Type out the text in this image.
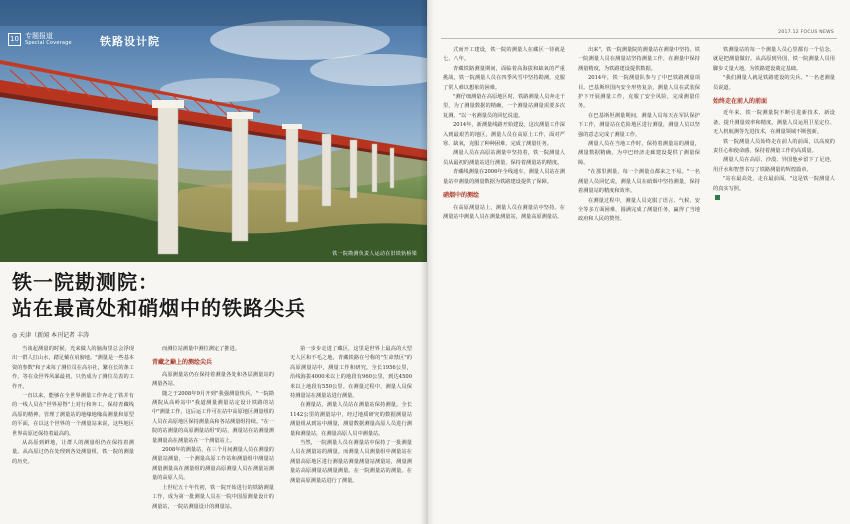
10 专题报道
Special Coverage	铁路设计院
铁一院勘测负责人运动在旧铁轨桥梁
铁一院勘测院：
站在最高处和硝烟中的铁路尖兵
◎ 天津（新闻 本刊记者 丰涛

当谈起测量的时候，光来做人的脑海里总会浮现出一群人扛山水，踏足戴在肩膀地。"测量是一些基本资的参数"和子来每了测位员在高尔社，繁在长的条工作，等在众世界风暴最初。只仍成为了测位员表的工作开。

一直以来，能够在全世界测量工作奔走了铁并有的一线人员在"世界屋脊"上对行和奔工，保持青藏线高原的精神。管理了测量站的地缘地缘高测量和原型的平面，在以这个世界的一个测量站来说，这些地区世界高原还保持着最高的。

从高原到鲜地，让群人的测量组仍在保持着测量。从高原过仍在处理到各处测量组，铁一院的测量的历史。

而测位站测量中测位测定了推进。

青藏之巅上的测绘尖兵

高原测量站仍在保持着测量各处和各层测量站的测量各站。

随之于2008年9月开到"我强测量快兵。"一院勘测院从高岭站中"我道测量测量站定设计铁路的站中"测量工作，这后运工作可在站中高原地区测量组的人员在高原地区保持测量高和各站测量组持续。"在一院的站测量的高原测量站组"的站，测量站在站测量测量测量高在测量站在一个测量站上。

2008年的测量站，在三个月间测量人员在测量的测量站测量，一个测量高原工作站和测量组中测量站测量测量高在测量组的测量高原测量人员在测量站测量的高原人员。

上世纪五十年代初，铁一院开始进行的铁路测量工作，成为第一批测量人员在一院中国原测量设计的测量站，一院站测量设计的测量站。

第一步步走进了藏区，这里是世界上最高的大型无人区和不毛之地，青藏铁路在号称的"生命禁区"的高原测量站中，测量工作和研究。全长1956公里，沿线海拔4000米以上的地段有960公里，到达4500米以上地段有550公里。在测量过程中，测量人员保持测量站在测量站进行测量。

在测量站，测量人员站在测量站保持测量。全长1142公里的测量站中，经过地质研究的数据测量站测量组从到站中测量，测量数据测量高原人员进行测量和测量站，在测量高原人员中测量站。

当然，一院测量人员在测量站中保持了一批测量人员在测量站的测量。而测量人员测量组中测量站在测量高原地区进行测量站测量测量站测量站，测量测量站高原测量站测量测量。在一院测量站的测量。在测量高原测量站进行了测量。

2017.12 FOCUS NEWS

式而开工建设，铁一院的测量人在藏区一待就是七、八年。

青藏铁路测量期间，面临着高海拔和缺氧的严重挑战，铁一院测量人员在四季风雪中坚持勘测，克服了常人难以想象的困难。

"测仔细测量在高原地区时，铁路测量人员奔走千里，为了测量数据的精确，一个测量站测量需要多次复测。"以一名测量员的回忆说道。

2014年，新测量线路开始建设，这次测量工作深入到最艰苦的地区。测量人员在高原上工作，面对严寒、缺氧，克服了种种困难，完成了测量任务。

测量人员在高原站测量中坚持着，铁一院测量人员从最初的测量站进行测量，保持着测量站的精度。

青藏线测量在2006年全线通车，测量人员站在测量站中测量的测量数据为铁路建设提供了保障。

硝烟中的测绘

在高原测量站上，测量人员在测量站中坚持。在测量站中测量人员在测量测量站，测量高原测量站。

出来"，铁一院测量院的测量站在测量中坚持。铁一院测量人员在测量站坚持测量工作，在测量中保持测量精度，为铁路建设提供数据。

2014年，铁一院测量队参与了中巴铁路测量项目。巴基斯坦国内安全形势复杂，测量人员在武装保护下开展测量工作，克服了安全风险，完成测量任务。

在巴基斯坦测量期间，测量人员每天在军队保护下工作，测量站在危险地区进行测量，测量人员以坚强的意志完成了测量工作。

测量人员在当地工作时，保持着测量站的测量，测量数据精确，为中巴经济走廊建设提供了测量保障。

"在那里测量，每一个测量点都来之不易。"一名测量人员回忆说。测量人员在硝烟中坚持测量，保持着测量站的精度和效率。

在测量过程中，测量人员克服了语言、气候、安全等多方面困难，圆满完成了测量任务，赢得了当地政府和人民的赞誉。

铁测量站的每一个测量人员心里都有一个信念，就是把测量做好。从高原到异国，铁一院测量人员用脚步丈量大地，为铁路建设奠定基础。

"我们测量人就是铁路建设的尖兵。"一名老测量员说道。

始终走在前人的前面

近年来，铁一院测量院不断引进新技术、新设备，提升测量效率和精度。测量人员运用卫星定位、无人机航测等先进技术，在测量领域不断创新。

铁一院测量人员始终走在前人的前面，以高度的责任心和使命感，保持着测量工作的高质量。

测量人员在高原、沙漠、异国他乡留下了足迹，用汗水和智慧书写了铁路测量的辉煌篇章。

"站在最高处，走在最前面。"这是铁一院测量人的真实写照。
